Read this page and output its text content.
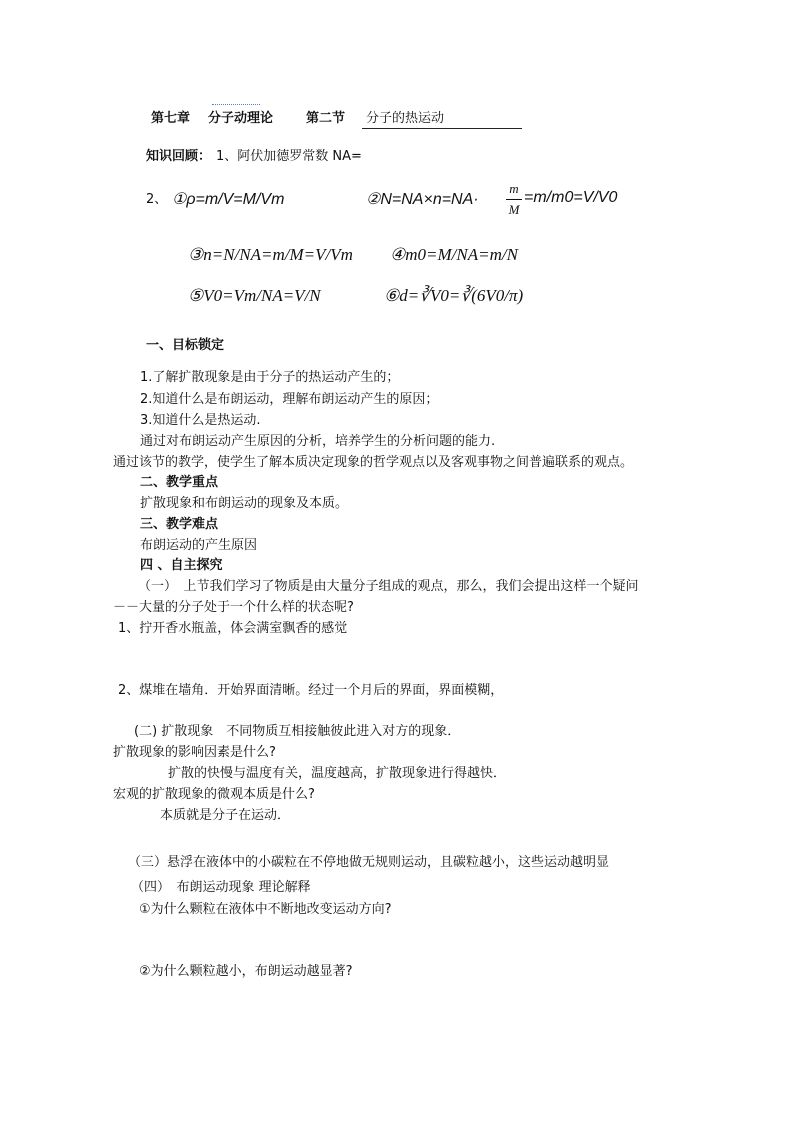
第七章 分子动理论	第二节 分子的热运动
知识回顾： 1、阿伏加德罗常数 NA=
2、 ①ρ=m/V=M/Vm	②N=NA×n=NA·
m
M
=m/m0=V/V0
③n=N/NA=m/M=V/Vm ④m0=M/NA=m/N
⑤V0=Vm/NA=V/N	⑥d=∛V0=∛(6V0/π)
一、目标锁定
1.了解扩散现象是由于分子的热运动产生的；
2.知道什么是布朗运动，理解布朗运动产生的原因；
3.知道什么是热运动.
通过对布朗运动产生原因的分析，培养学生的分析问题的能力.
通过该节的教学，使学生了解本质决定现象的哲学观点以及客观事物之间普遍联系的观点。
二、教学重点
扩散现象和布朗运动的现象及本质。
三、教学难点
布朗运动的产生原因
四 、自主探究
（一）　上节我们学习了物质是由大量分子组成的观点，那么，我们会提出这样一个疑问
－－大量的分子处于一个什么样的状态呢?
1、拧开香水瓶盖，体会满室飘香的感觉
2、煤堆在墙角．开始界面清晰。经过一个月后的界面，界面模糊，
(二) 扩散现象　不同物质互相接触彼此进入对方的现象．
扩散现象的影响因素是什么?
扩散的快慢与温度有关，温度越高，扩散现象进行得越快．
宏观的扩散现象的微观本质是什么?
本质就是分子在运动．
（三）悬浮在液体中的小碳粒在不停地做无规则运动，且碳粒越小，这些运动越明显
（四）　布朗运动现象 理论解释
①为什么颗粒在液体中不断地改变运动方向?
②为什么颗粒越小，布朗运动越显著?
